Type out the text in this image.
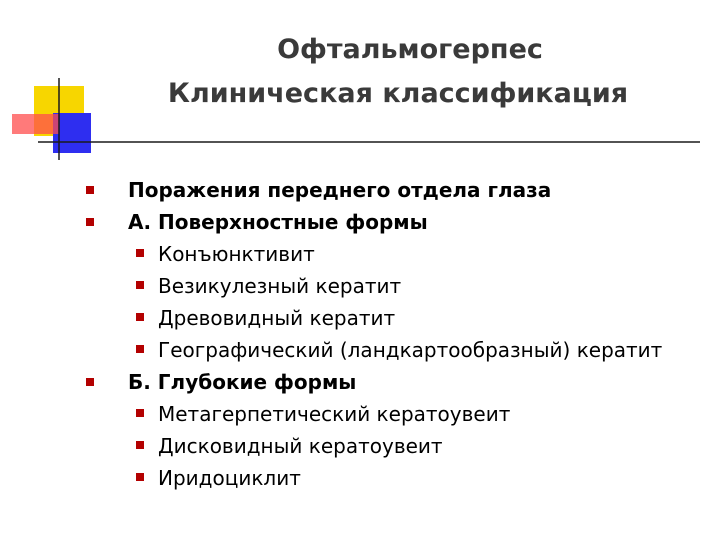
Офтальмогерпес
Клиническая классификация
Поражения переднего отдела глаза
А. Поверхностные формы
Конъюнктивит
Везикулезный кератит
Древовидный кератит
Географический (ландкартообразный) кератит
Б. Глубокие формы
Метагерпетический кератоувеит
Дисковидный кератоувеит
Иридоциклит
